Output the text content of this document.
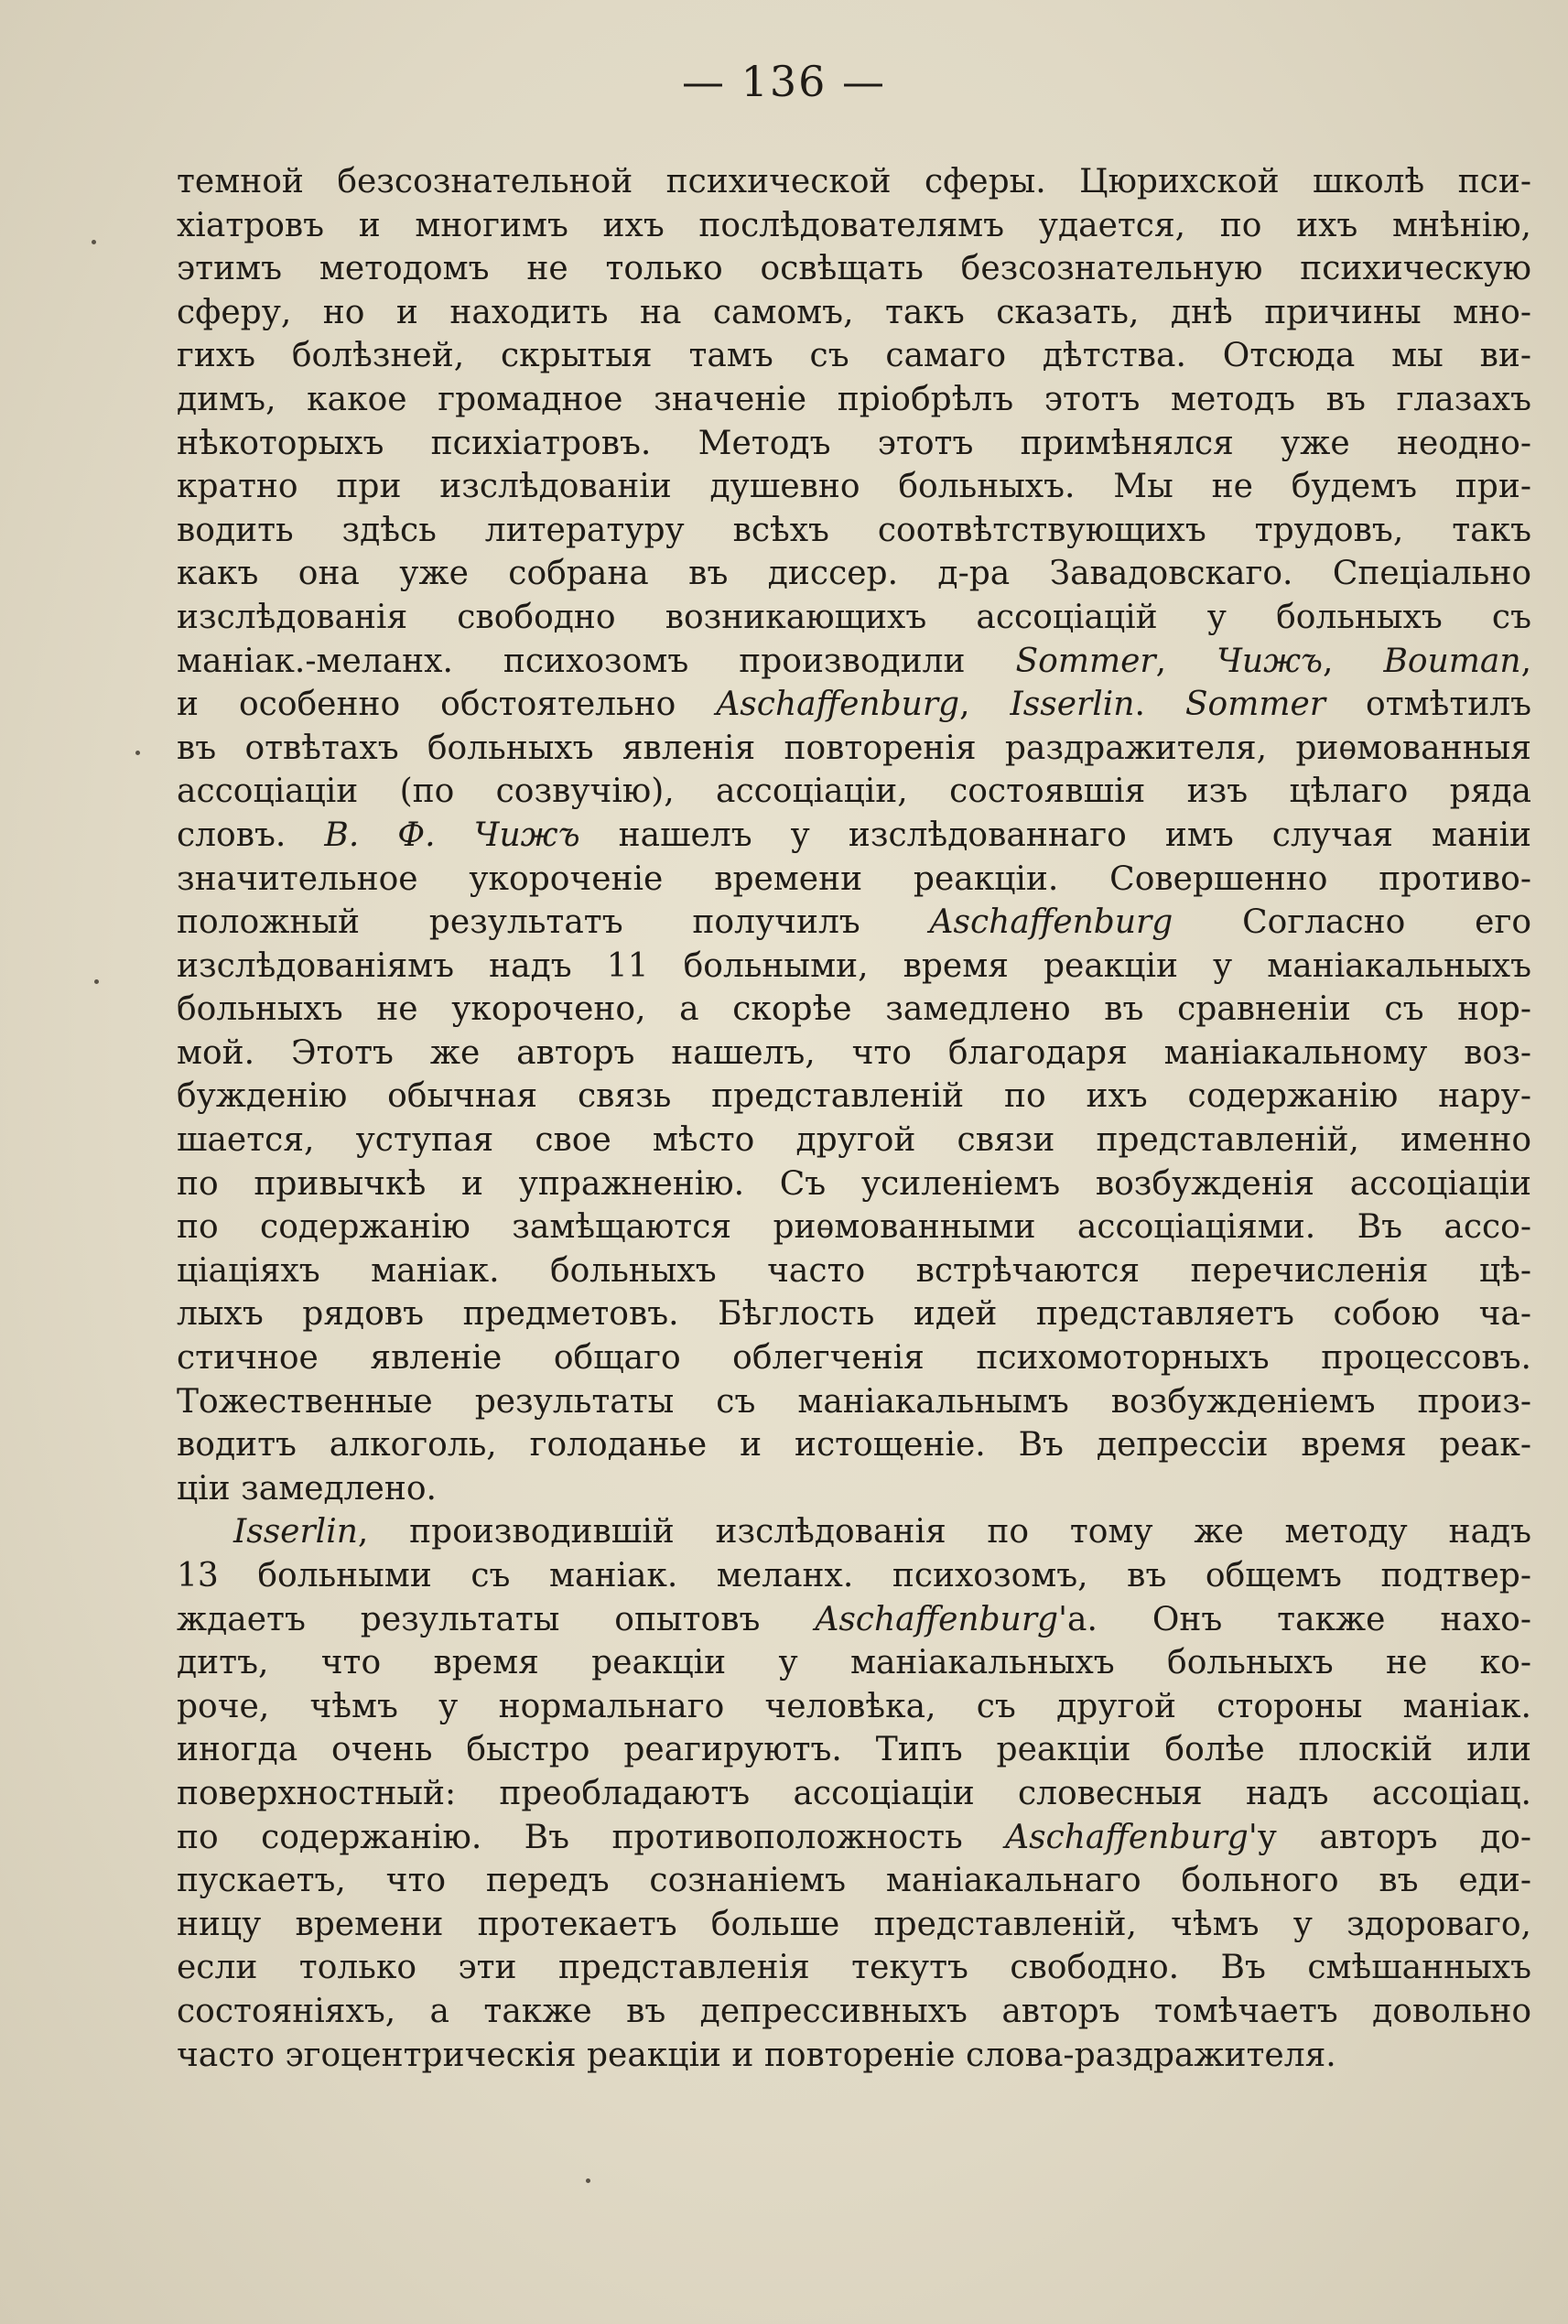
— 136 —
темной безсознательной психической сферы. Цюрихской школѣ пси-
хіатровъ и многимъ ихъ послѣдователямъ удается, по ихъ мнѣнію,
этимъ методомъ не только освѣщать безсознательную психическую
сферу, но и находить на самомъ, такъ сказать, днѣ причины мно-
гихъ болѣзней, скрытыя тамъ съ самаго дѣтства. Отсюда мы ви-
димъ, какое громадное значеніе пріобрѣлъ этотъ методъ въ глазахъ
нѣкоторыхъ психіатровъ. Методъ этотъ примѣнялся уже неодно-
кратно при изслѣдованіи душевно больныхъ. Мы не будемъ при-
водить здѣсь литературу всѣхъ соотвѣтствующихъ трудовъ, такъ
какъ она уже собрана въ диссер. д-ра Завадовскаго. Спеціально
изслѣдованія свободно возникающихъ ассоціацій у больныхъ съ
маніак.-меланх. психозомъ производили Sommer, Чижъ, Bouman,
и особенно обстоятельно Aschaffenburg, Isserlin. Sommer отмѣтилъ
въ отвѣтахъ больныхъ явленія повторенія раздражителя, риѳмованныя
ассоціаціи (по созвучію), ассоціаціи, состоявшія изъ цѣлаго ряда
словъ. В. Ф. Чижъ нашелъ у изслѣдованнаго имъ случая маніи
значительное укороченіе времени реакціи. Совершенно противо-
положный результатъ получилъ Aschaffenburg Согласно его
изслѣдованіямъ надъ 11 больными, время реакціи у маніакальныхъ
больныхъ не укорочено, а скорѣе замедлено въ сравненіи съ нор-
мой. Этотъ же авторъ нашелъ, что благодаря маніакальному воз-
бужденію обычная связь представленій по ихъ содержанію нару-
шается, уступая свое мѣсто другой связи представленій, именно
по привычкѣ и упражненію. Съ усиленіемъ возбужденія ассоціаціи
по содержанію замѣщаются риѳмованными ассоціаціями. Въ ассо-
ціаціяхъ маніак. больныхъ часто встрѣчаются перечисленія цѣ-
лыхъ рядовъ предметовъ. Бѣглость идей представляетъ собою ча-
стичное явленіе общаго облегченія психомоторныхъ процессовъ.
Тожественные результаты съ маніакальнымъ возбужденіемъ произ-
водитъ алкоголь, голоданье и истощеніе. Въ депрессіи время реак-
ціи замедлено.
Isserlin, производившій изслѣдованія по тому же методу надъ
13 больными съ маніак. меланх. психозомъ, въ общемъ подтвер-
ждаетъ результаты опытовъ Aschaffenburg'а. Онъ также нахо-
дитъ, что время реакціи у маніакальныхъ больныхъ не ко-
роче, чѣмъ у нормальнаго человѣка, съ другой стороны маніак.
иногда очень быстро реагируютъ. Типъ реакціи болѣе плоскій или
поверхностный: преобладаютъ ассоціаціи словесныя надъ ассоціац.
по содержанію. Въ противоположность Aschaffenburg'у авторъ до-
пускаетъ, что передъ сознаніемъ маніакальнаго больного въ еди-
ницу времени протекаетъ больше представленій, чѣмъ у здороваго,
если только эти представленія текутъ свободно. Въ смѣшанныхъ
состояніяхъ, а также въ депрессивныхъ авторъ томѣчаетъ довольно
часто эгоцентрическія реакціи и повтореніе слова-раздражителя.
